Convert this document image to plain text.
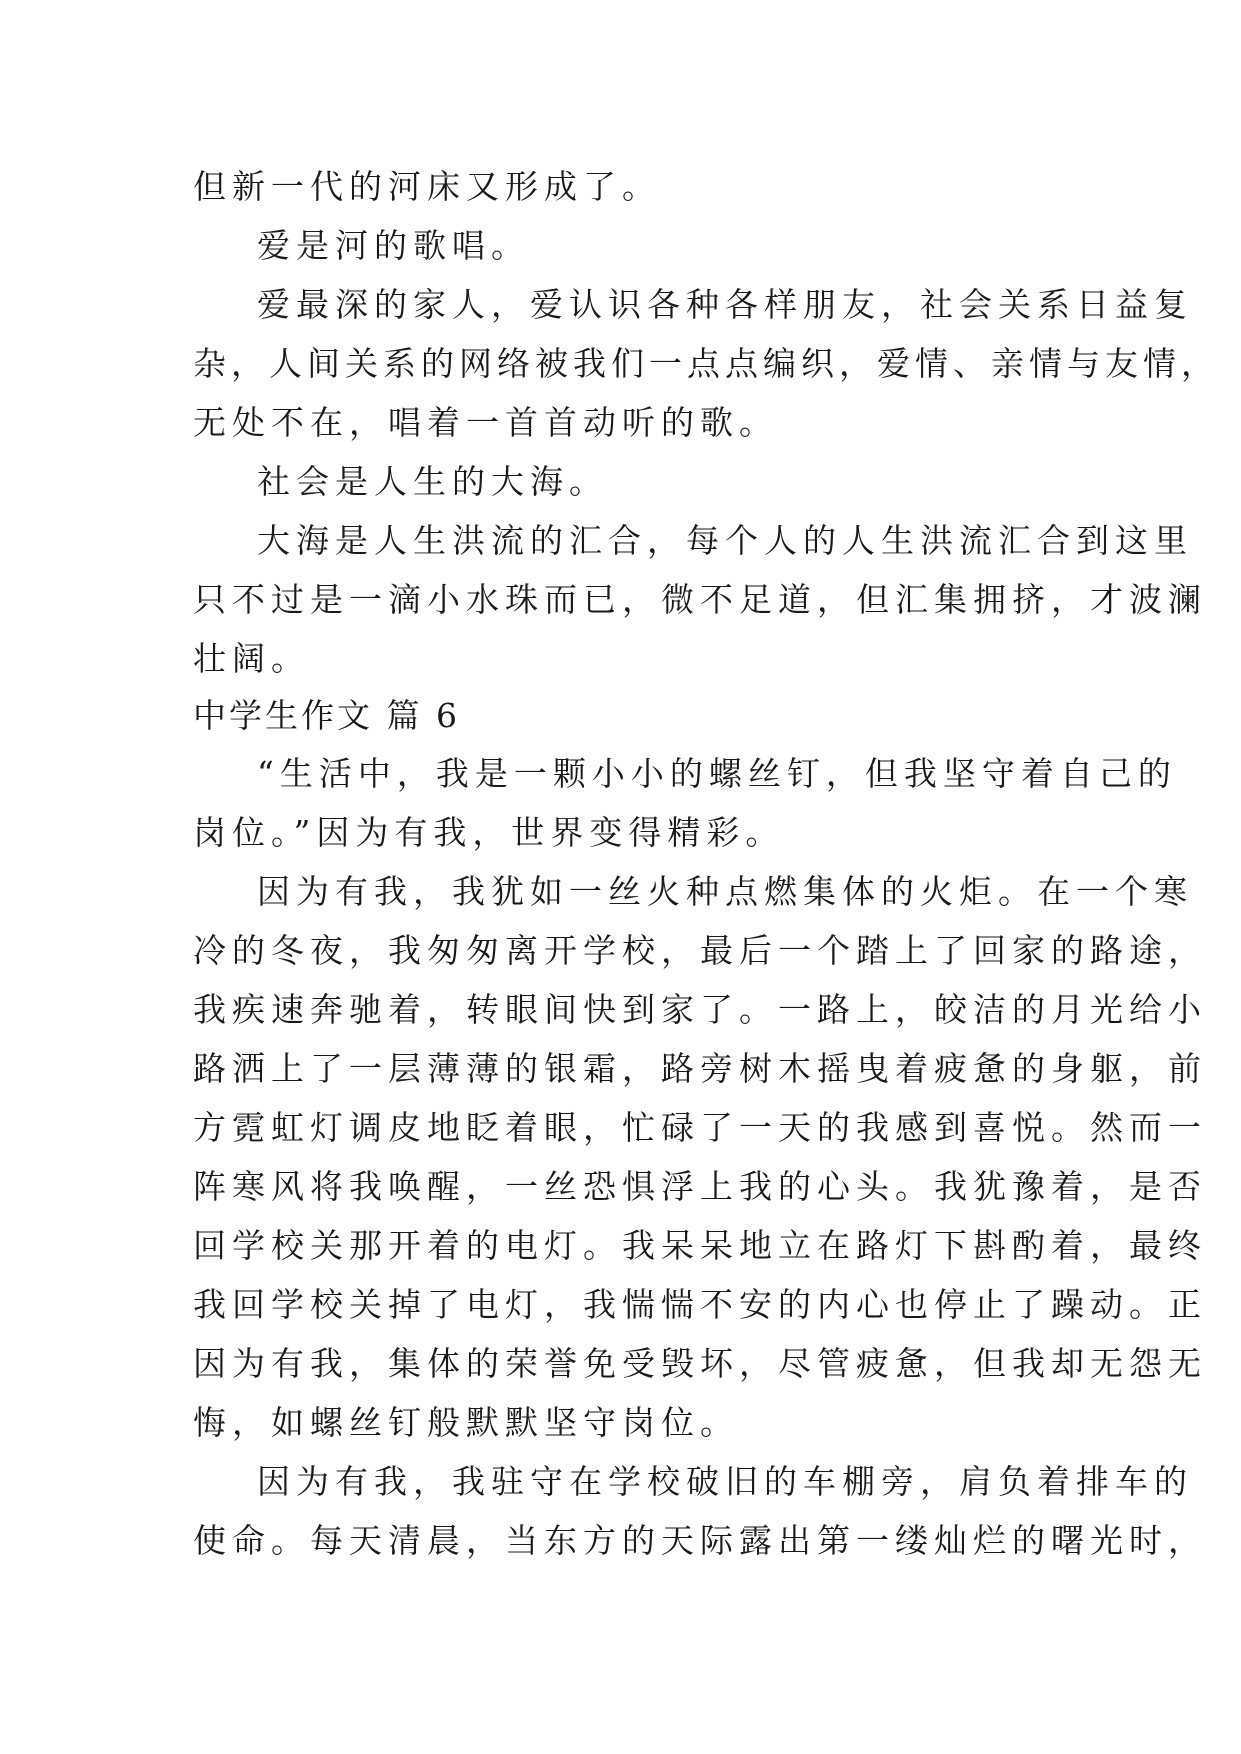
但新一代的河床又形成了。
爱是河的歌唱。
爱最深的家人，爱认识各种各样朋友，社会关系日益复
杂，人间关系的网络被我们一点点编织，爱情、亲情与友情，
无处不在，唱着一首首动听的歌。
社会是人生的大海。
大海是人生洪流的汇合，每个人的人生洪流汇合到这里
只不过是一滴小水珠而已，微不足道，但汇集拥挤，才波澜
壮阔。
中学生作文 篇 6
“生活中，我是一颗小小的螺丝钉，但我坚守着自己的
岗位。”因为有我，世界变得精彩。
因为有我，我犹如一丝火种点燃集体的火炬。在一个寒
冷的冬夜，我匆匆离开学校，最后一个踏上了回家的路途，
我疾速奔驰着，转眼间快到家了。一路上，皎洁的月光给小
路洒上了一层薄薄的银霜，路旁树木摇曳着疲惫的身躯，前
方霓虹灯调皮地眨着眼，忙碌了一天的我感到喜悦。然而一
阵寒风将我唤醒，一丝恐惧浮上我的心头。我犹豫着，是否
回学校关那开着的电灯。我呆呆地立在路灯下斟酌着，最终
我回学校关掉了电灯，我惴惴不安的内心也停止了躁动。正
因为有我，集体的荣誉免受毁坏，尽管疲惫，但我却无怨无
悔，如螺丝钉般默默坚守岗位。
因为有我，我驻守在学校破旧的车棚旁，肩负着排车的
使命。每天清晨，当东方的天际露出第一缕灿烂的曙光时，
